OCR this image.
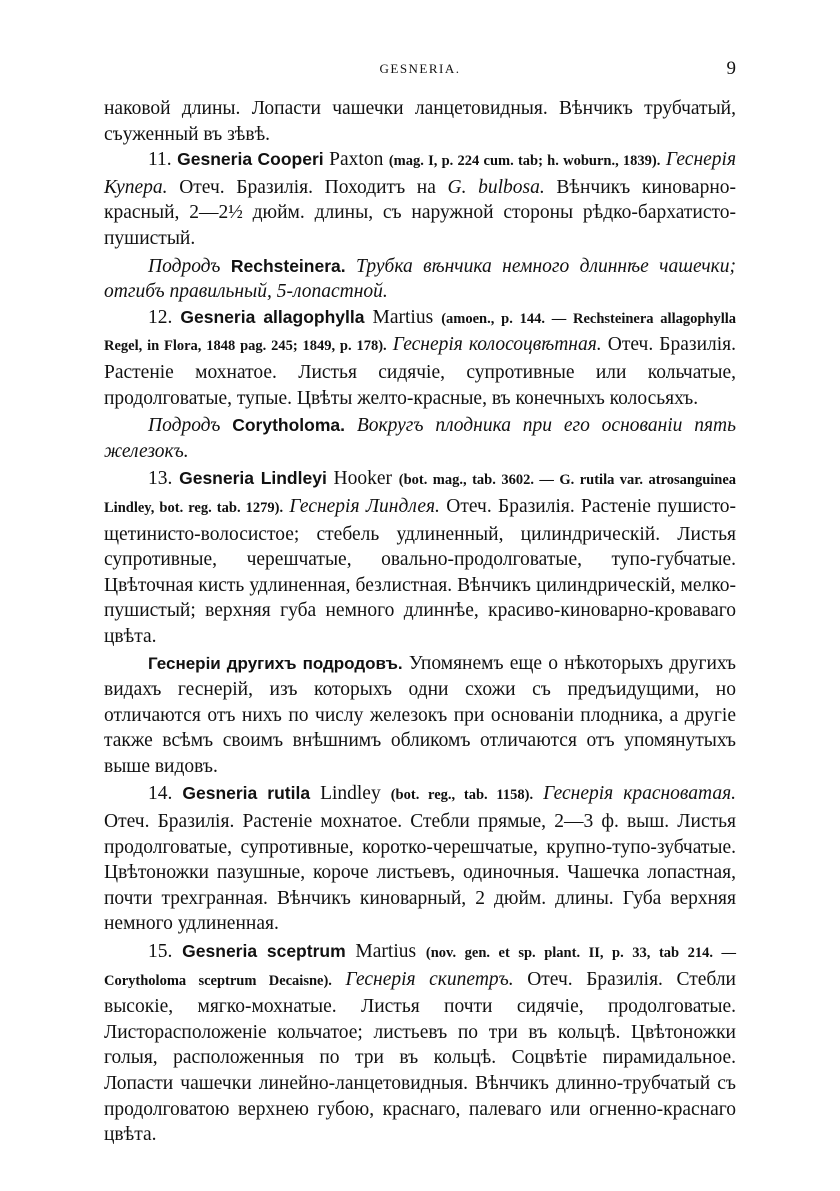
GESNERIA.	9

наковой длины. Лопасти чашечки ланцетовидныя. Вѣнчикъ трубчатый, съуженный въ зѣвѣ.

11. Gesneria Cooperi Paxton (mag. I, p. 224 cum. tab; h. woburn., 1839). Геснерія Купера. Отеч. Бразилія. Походитъ на G. bulbosa. Вѣнчикъ киноварно-красный, 2—2½ дюйм. длины, съ наружной стороны рѣдко-бархатисто-пушистый.

Подродъ Rechsteinera. Трубка вѣнчика немного длиннѣе чашечки; отгибъ правильный, 5-лопастной.

12. Gesneria allagophylla Martius (amoen., p. 144. — Rechsteinera allagophylla Regel, in Flora, 1848 pag. 245; 1849, p. 178). Геснерія колосоцвѣтная. Отеч. Бразилія. Растеніе мохнатое. Листья сидячіе, супротивные или кольчатые, продолговатые, тупые. Цвѣты желто-красные, въ конечныхъ колосьяхъ.

Подродъ Corytholoma. Вокругъ плодника при его основаніи пять железокъ.

13. Gesneria Lindleyi Hooker (bot. mag., tab. 3602. — G. rutila var. atrosanguinea Lindley, bot. reg. tab. 1279). Геснерія Линдлея. Отеч. Бразилія. Растеніе пушисто-щетинисто-волосистое; стебель удлиненный, цилиндрическій. Листья супротивные, черешчатые, овально-продолговатые, тупо-губчатые. Цвѣточная кисть удлиненная, безлистная. Вѣнчикъ цилиндрическій, мелко-пушистый; верхняя губа немного длиннѣе, красиво-киноварно-кроваваго цвѣта.

Геснеріи другихъ подродовъ. Упомянемъ еще о нѣкоторыхъ другихъ видахъ геснерій, изъ которыхъ одни схожи съ предъидущими, но отличаются отъ нихъ по числу железокъ при основаніи плодника, а другіе также всѣмъ своимъ внѣшнимъ обликомъ отличаются отъ упомянутыхъ выше видовъ.

14. Gesneria rutila Lindley (bot. reg., tab. 1158). Геснерія красноватая. Отеч. Бразилія. Растеніе мохнатое. Стебли прямые, 2—3 ф. выш. Листья продолговатые, супротивные, коротко-черешчатые, крупно-тупо-зубчатые. Цвѣтоножки пазушные, короче листьевъ, одиночныя. Чашечка лопастная, почти трехгранная. Вѣнчикъ киноварный, 2 дюйм. длины. Губа верхняя немного удлиненная.

15. Gesneria sceptrum Martius (nov. gen. et sp. plant. II, p. 33, tab 214. — Corytholoma sceptrum Decaisne). Геснерія скипетръ. Отеч. Бразилія. Стебли высокіе, мягко-мохнатые. Листья почти сидячіе, продолговатые. Листорасположеніе кольчатое; листьевъ по три въ кольцѣ. Цвѣтоножки голыя, расположенныя по три въ кольцѣ. Соцвѣтіе пирамидальное. Лопасти чашечки линейно-ланцетовидныя. Вѣнчикъ длинно-трубчатый съ продолговатою верхнею губою, краснаго, палеваго или огненно-краснаго цвѣта.
